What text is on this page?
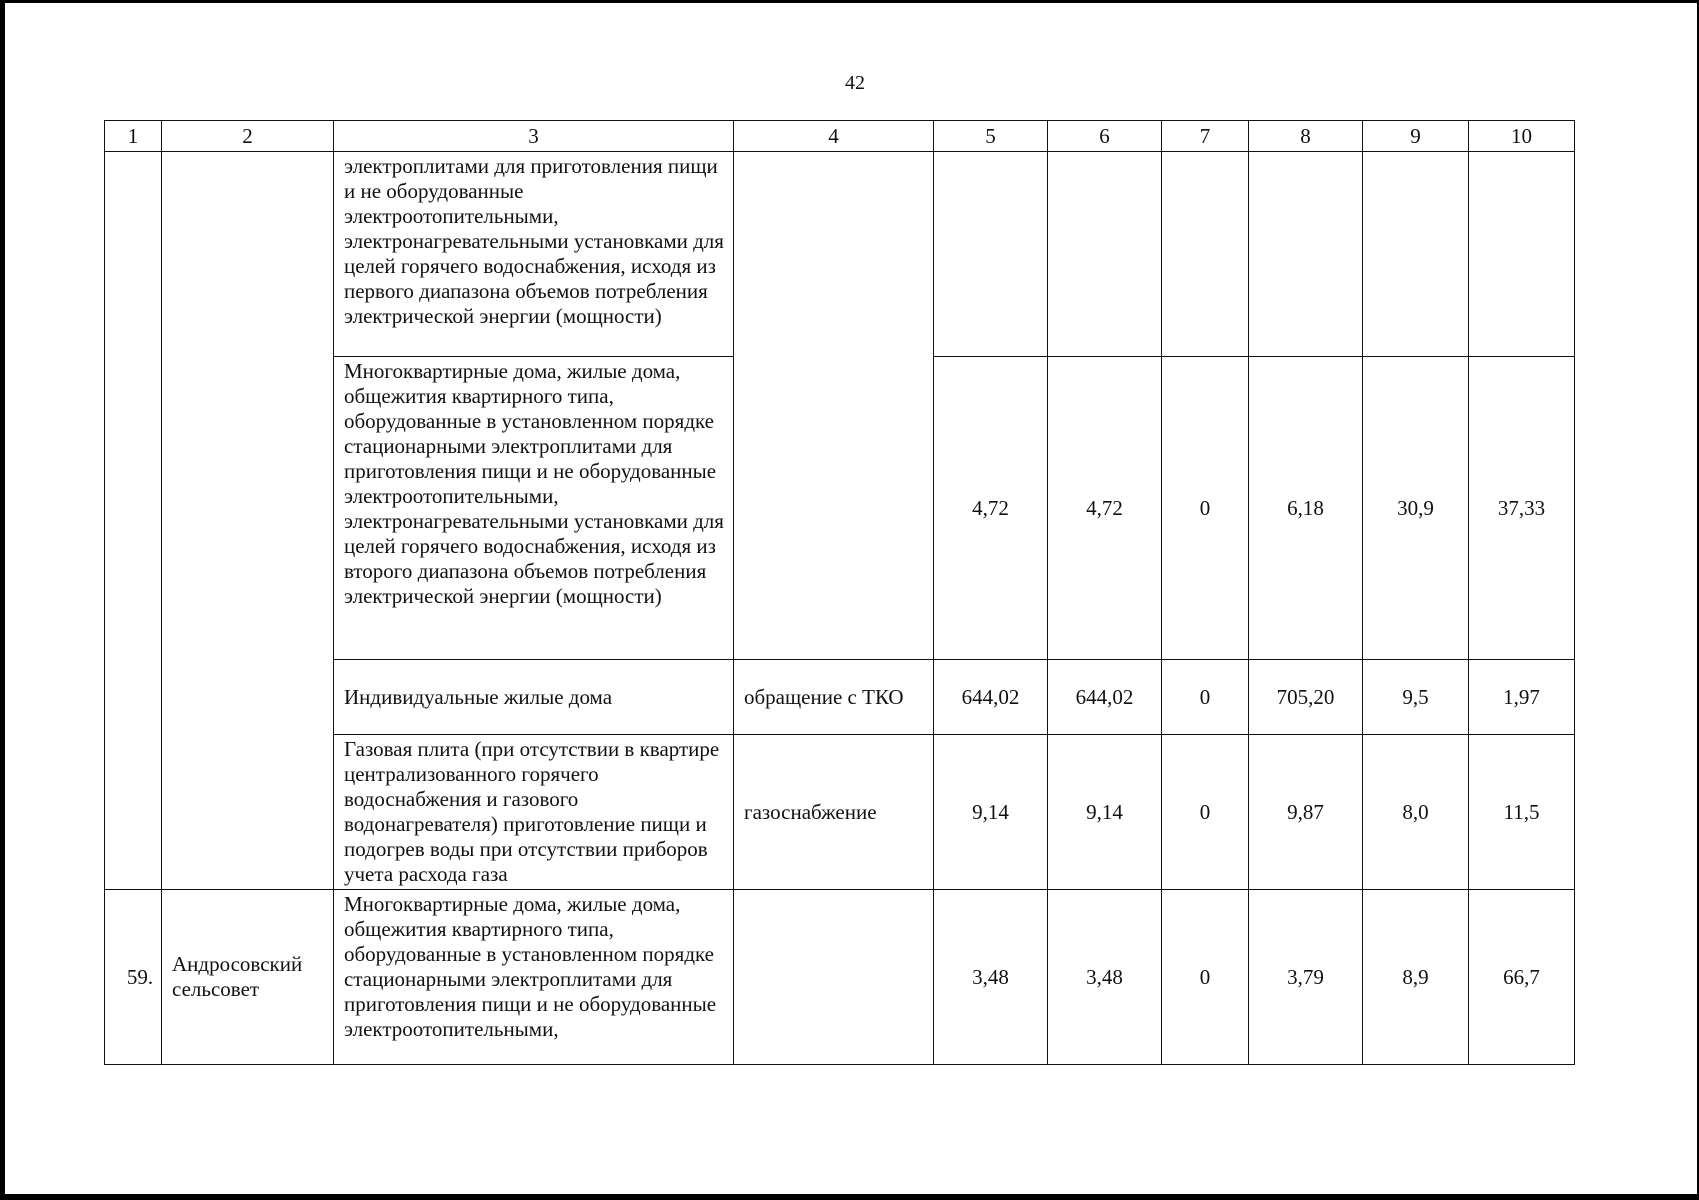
42
1	2	3	4	5	6	7	8	9	10
		электроплитами для приготовления пищи и не оборудованные электроотопительными, электронагревательными установками для целей горячего водоснабжения, исходя из первого диапазона объемов потребления электрической энергии (мощности)							
		Многоквартирные дома, жилые дома, общежития квартирного типа, оборудованные в установленном порядке стационарными электроплитами для приготовления пищи и не оборудованные электроотопительными, электронагревательными установками для целей горячего водоснабжения, исходя из второго диапазона объемов потребления электрической энергии (мощности)		4,72	4,72	0	6,18	30,9	37,33
		Индивидуальные жилые дома	обращение с ТКО	644,02	644,02	0	705,20	9,5	1,97
		Газовая плита (при отсутствии в квартире централизованного горячего водоснабжения и газового водонагревателя) приготовление пищи и подогрев воды при отсутствии приборов учета расхода газа	газоснабжение	9,14	9,14	0	9,87	8,0	11,5
59.	Андросовский сельсовет	Многоквартирные дома, жилые дома, общежития квартирного типа, оборудованные в установленном порядке стационарными электроплитами для приготовления пищи и не оборудованные электроотопительными,		3,48	3,48	0	3,79	8,9	66,7
